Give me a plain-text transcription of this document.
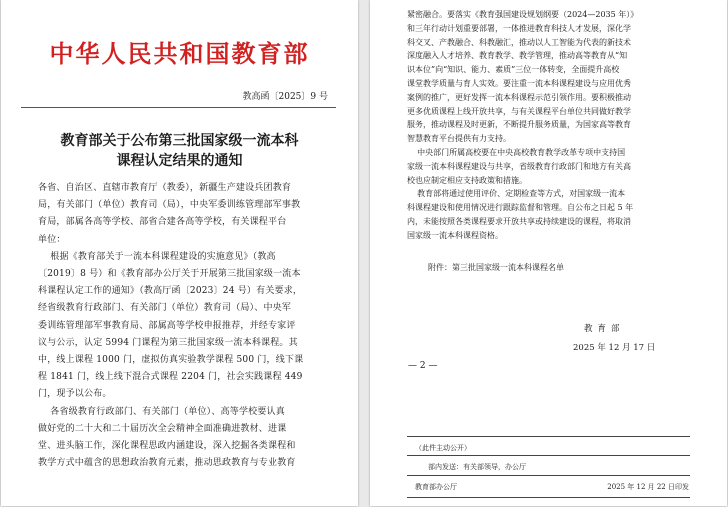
中华人民共和国教育部
教高函〔2025〕9 号
教育部关于公布第三批国家级一流本科
课程认定结果的通知

各省、自治区、直辖市教育厅（教委），新疆生产建设兵团教育
局，有关部门（单位）教育司（局），中央军委训练管理部军事教
育局，部属各高等学校、部省合建各高等学校，有关课程平台
单位：
根据《教育部关于一流本科课程建设的实施意见》（教高
〔2019〕8 号）和《教育部办公厅关于开展第三批国家级一流本
科课程认定工作的通知》（教高厅函〔2023〕24 号）有关要求，
经省级教育行政部门、有关部门（单位）教育司（局）、中央军
委训练管理部军事教育局、部属高等学校申报推荐，并经专家评
议与公示，认定 5994 门课程为第三批国家级一流本科课程。其
中，线上课程 1000 门，虚拟仿真实验教学课程 500 门，线下课
程 1841 门，线上线下混合式课程 2204 门，社会实践课程 449
门，现予以公布。
各省级教育行政部门、有关部门（单位）、高等学校要认真
做好党的二十大和二十届历次全会精神全面准确进教材、进课
堂、进头脑工作，深化课程思政内涵建设，深入挖掘各类课程和
教学方式中蕴含的思想政治教育元素，推动思政教育与专业教育

紧密融合。要落实《教育强国建设规划纲要（2024—2035 年）》
和三年行动计划重要部署，一体推进教育科技人才发展，深化学
科交叉、产教融合、科教融汇，推动以人工智能为代表的新技术
深度融入人才培养、教育教学、教学管理，推动高等教育从“知
识本位”向“知识、能力、素质”三位一体转变，全面提升高校
课堂教学质量与育人实效。要注重一流本科课程建设与应用优秀
案例的推广，更好发挥一流本科课程示范引领作用。要积极推动
更多优质课程上线开放共享，与有关课程平台单位共同做好教学
服务，推动课程及时更新，不断提升服务质量，为国家高等教育
智慧教育平台提供有力支持。
中央部门所属高校要在中央高校教育教学改革专项中支持国
家级一流本科课程建设与共享，省级教育行政部门和地方有关高
校也应制定相应支持政策和措施。
教育部将通过使用评价、定期检查等方式，对国家级一流本
科课程建设和使用情况进行跟踪监督和管理。自公布之日起 5 年
内，未能按照各类课程要求开放共享或持续建设的课程，将取消
国家级一流本科课程资格。

附件：第三批国家级一流本科课程名单
教育部
2025 年 12 月 17 日
— 2 —
（此件主动公开）
部内发送：有关部领导，办公厅
教育部办公厅	2025 年 12 月 22 日印发
